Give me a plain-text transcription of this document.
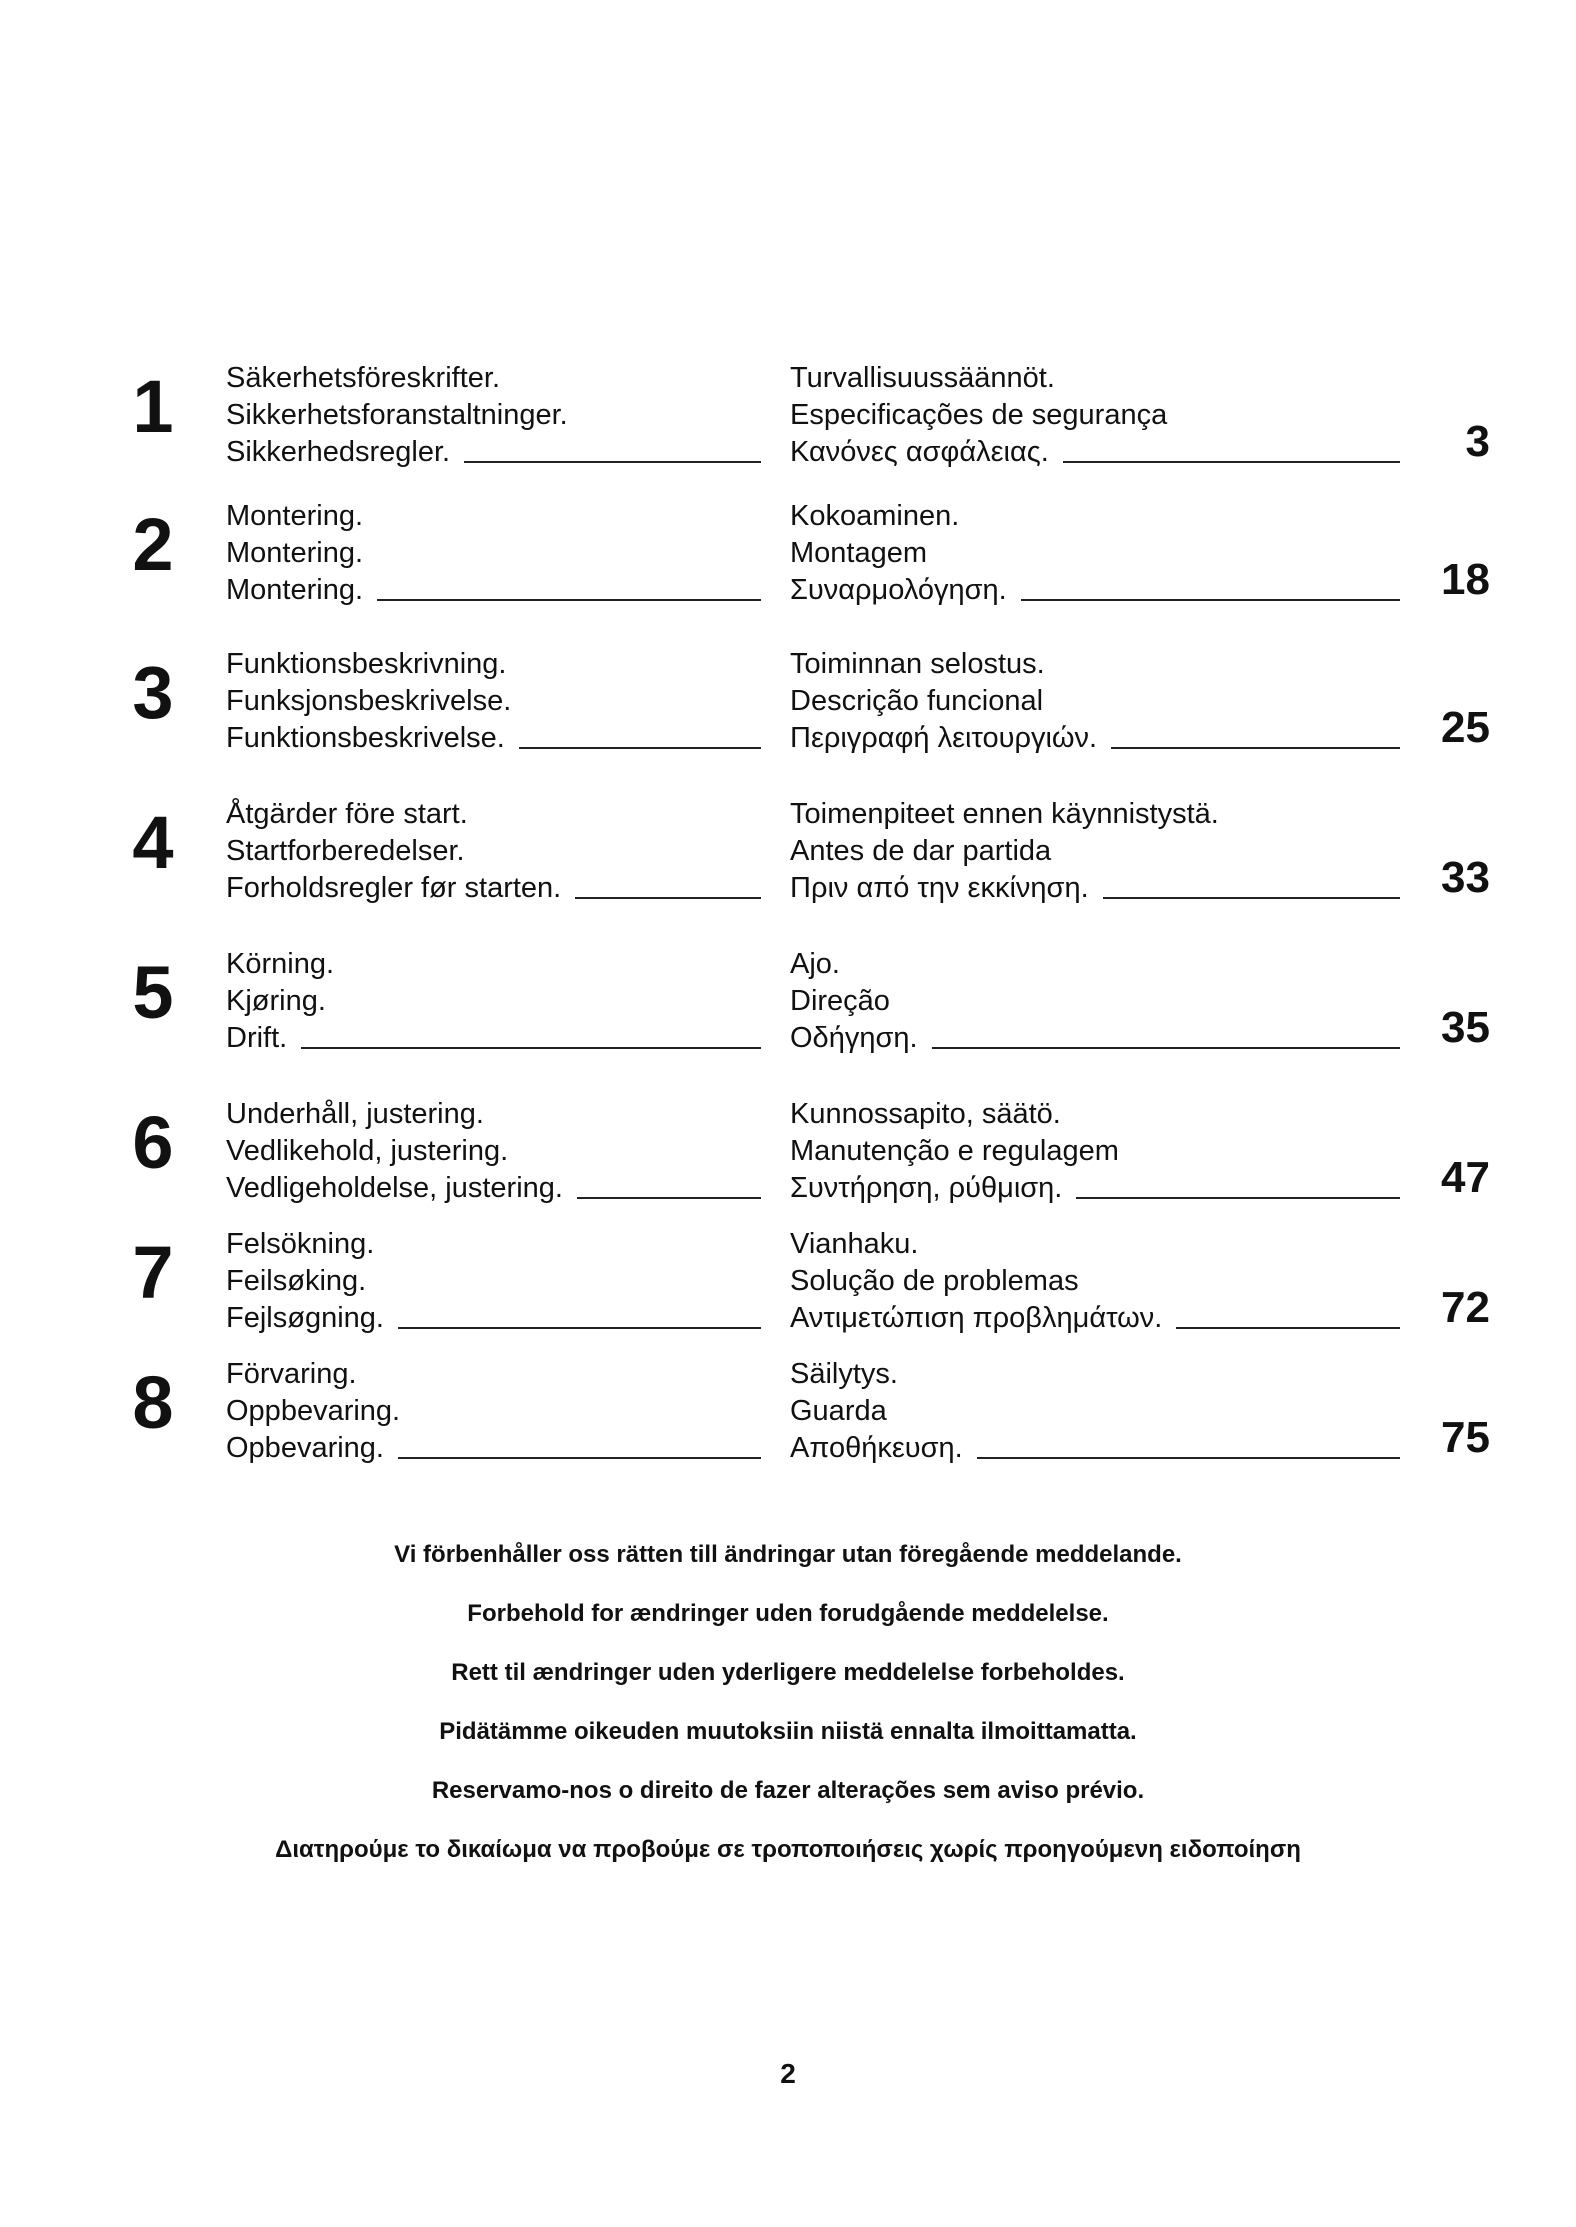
1	Säkerhetsföreskrifter.
Sikkerhetsforanstaltninger.
Sikkerhedsregler.
Turvallisuussäännöt.
Especificações de segurança
Κανόνες ασφάλειας.	3
2	Montering.
Montering.
Montering.
Kokoaminen.
Montagem
Συναρμολόγηση.	18
3	Funktionsbeskrivning.
Funksjonsbeskrivelse.
Funktionsbeskrivelse.
Toiminnan selostus.
Descrição funcional
Περιγραφή λειτουργιών.	25
4	Åtgärder före start.
Startforberedelser.
Forholdsregler før starten.
Toimenpiteet ennen käynnistystä.
Antes de dar partida
Πριν από την εκκίνηση.	33
5	Körning.
Kjøring.
Drift.
Ajo.
Direção
Οδήγηση.	35
6	Underhåll, justering.
Vedlikehold, justering.
Vedligeholdelse, justering.
Kunnossapito, säätö.
Manutenção e regulagem
Συντήρηση, ρύθμιση.	47
7	Felsökning.
Feilsøking.
Fejlsøgning.
Vianhaku.
Solução de problemas
Αντιμετώπιση προβλημάτων.	72
8	Förvaring.
Oppbevaring.
Opbevaring.
Säilytys.
Guarda
Αποθήκευση.	75
Vi förbenhåller oss rätten till ändringar utan föregående meddelande.
Forbehold for ændringer uden forudgående meddelelse.
Rett til ændringer uden yderligere meddelelse forbeholdes.
Pidätämme oikeuden muutoksiin niistä ennalta ilmoittamatta.
Reservamo-nos o direito de fazer alterações sem aviso prévio.
Διατηρούμε το δικαίωμα να προβούμε σε τροποποιήσεις χωρίς προηγούμενη ειδοποίηση
2
